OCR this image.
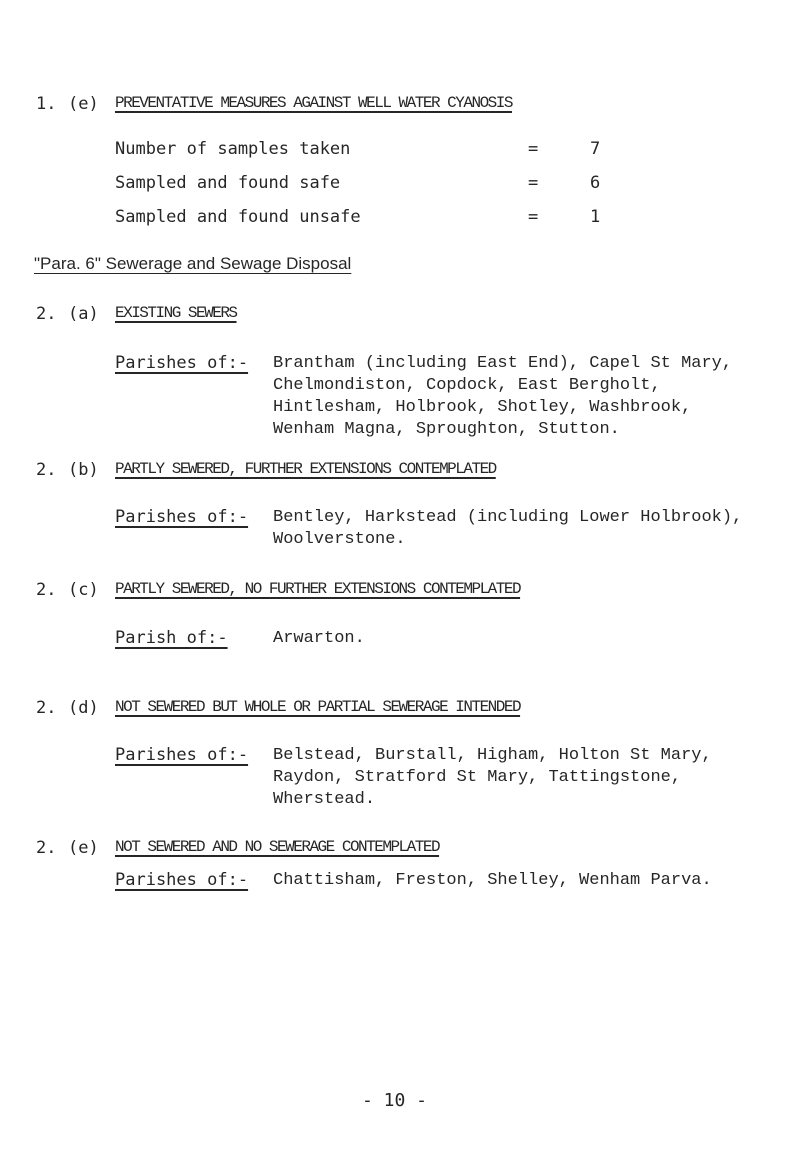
1. (e) PREVENTATIVE MEASURES AGAINST WELL WATER CYANOSIS
Number of samples taken	=	7
Sampled and found safe	=	6
Sampled and found unsafe	=	1
"Para. 6" Sewerage and Sewage Disposal
2. (a) EXISTING SEWERS
Parishes of:- Brantham (including East End), Capel St Mary, Chelmondiston, Copdock, East Bergholt, Hintlesham, Holbrook, Shotley, Washbrook, Wenham Magna, Sproughton, Stutton.
2. (b) PARTLY SEWERED, FURTHER EXTENSIONS CONTEMPLATED
Parishes of:- Bentley, Harkstead (including Lower Holbrook), Woolverstone.
2. (c) PARTLY SEWERED, NO FURTHER EXTENSIONS CONTEMPLATED
Parish of:-	Arwarton.
2. (d) NOT SEWERED BUT WHOLE OR PARTIAL SEWERAGE INTENDED
Parishes of:- Belstead, Burstall, Higham, Holton St Mary, Raydon, Stratford St Mary, Tattingstone, Wherstead.
2. (e) NOT SEWERED AND NO SEWERAGE CONTEMPLATED
Parishes of:- Chattisham, Freston, Shelley, Wenham Parva.
- 10 -
